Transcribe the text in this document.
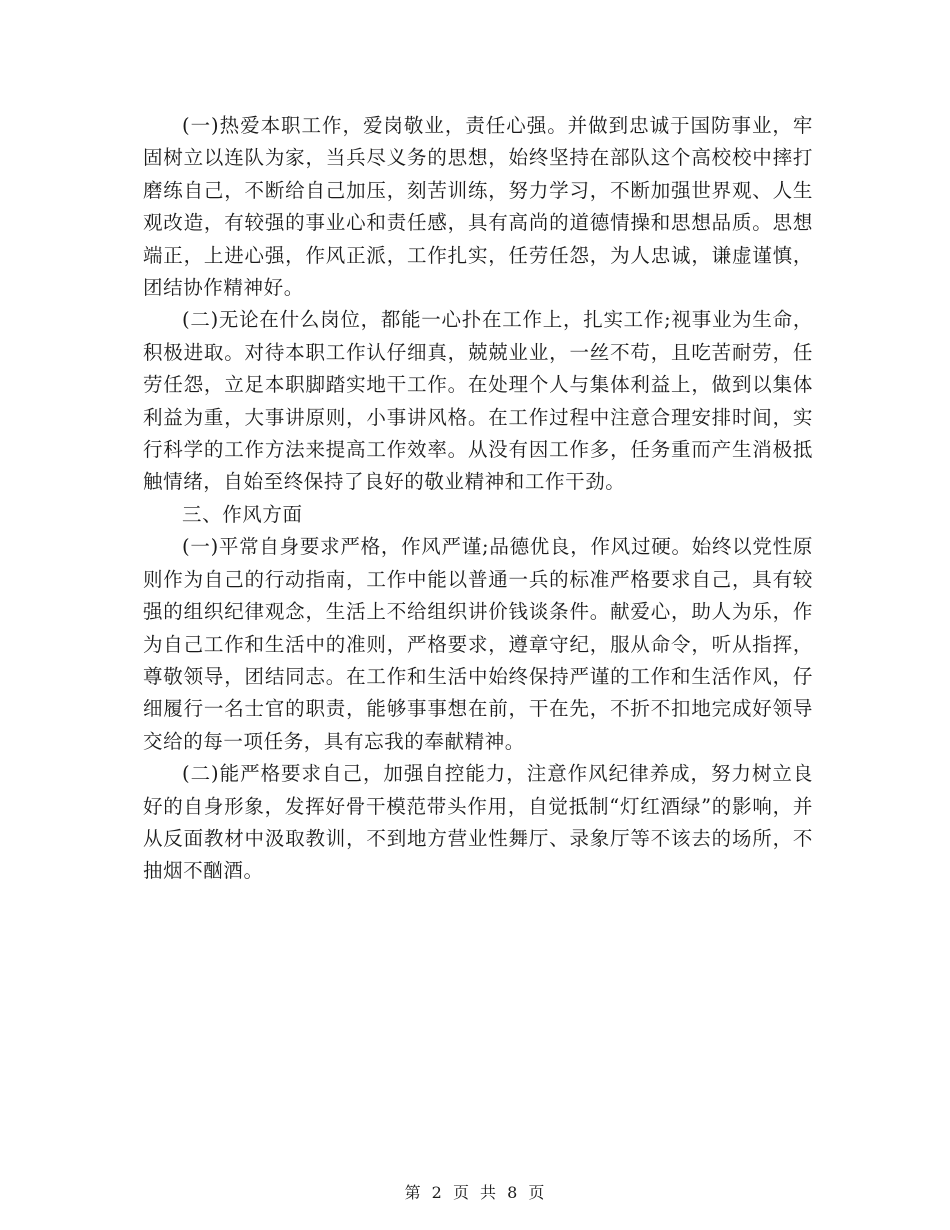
(一)热爱本职工作，爱岗敬业，责任心强。并做到忠诚于国防事业，牢固树立以连队为家，当兵尽义务的思想，始终坚持在部队这个高校校中摔打磨练自己，不断给自己加压，刻苦训练，努力学习，不断加强世界观、人生观改造，有较强的事业心和责任感，具有高尚的道德情操和思想品质。思想端正，上进心强，作风正派，工作扎实，任劳任怨，为人忠诚，谦虚谨慎，团结协作精神好。

(二)无论在什么岗位，都能一心扑在工作上，扎实工作;视事业为生命，积极进取。对待本职工作认仔细真，兢兢业业，一丝不苟，且吃苦耐劳，任劳任怨，立足本职脚踏实地干工作。在处理个人与集体利益上，做到以集体利益为重，大事讲原则，小事讲风格。在工作过程中注意合理安排时间，实行科学的工作方法来提高工作效率。从没有因工作多，任务重而产生消极抵触情绪，自始至终保持了良好的敬业精神和工作干劲。

三、作风方面

(一)平常自身要求严格，作风严谨;品德优良，作风过硬。始终以党性原则作为自己的行动指南，工作中能以普通一兵的标准严格要求自己，具有较强的组织纪律观念，生活上不给组织讲价钱谈条件。献爱心，助人为乐，作为自己工作和生活中的准则，严格要求，遵章守纪，服从命令，听从指挥，尊敬领导，团结同志。在工作和生活中始终保持严谨的工作和生活作风，仔细履行一名士官的职责，能够事事想在前，干在先，不折不扣地完成好领导交给的每一项任务，具有忘我的奉献精神。

(二)能严格要求自己，加强自控能力，注意作风纪律养成，努力树立良好的自身形象，发挥好骨干模范带头作用，自觉抵制“灯红酒绿”的影响，并从反面教材中汲取教训，不到地方营业性舞厅、录象厅等不该去的场所，不抽烟不酗酒。

第 2 页 共 8 页
